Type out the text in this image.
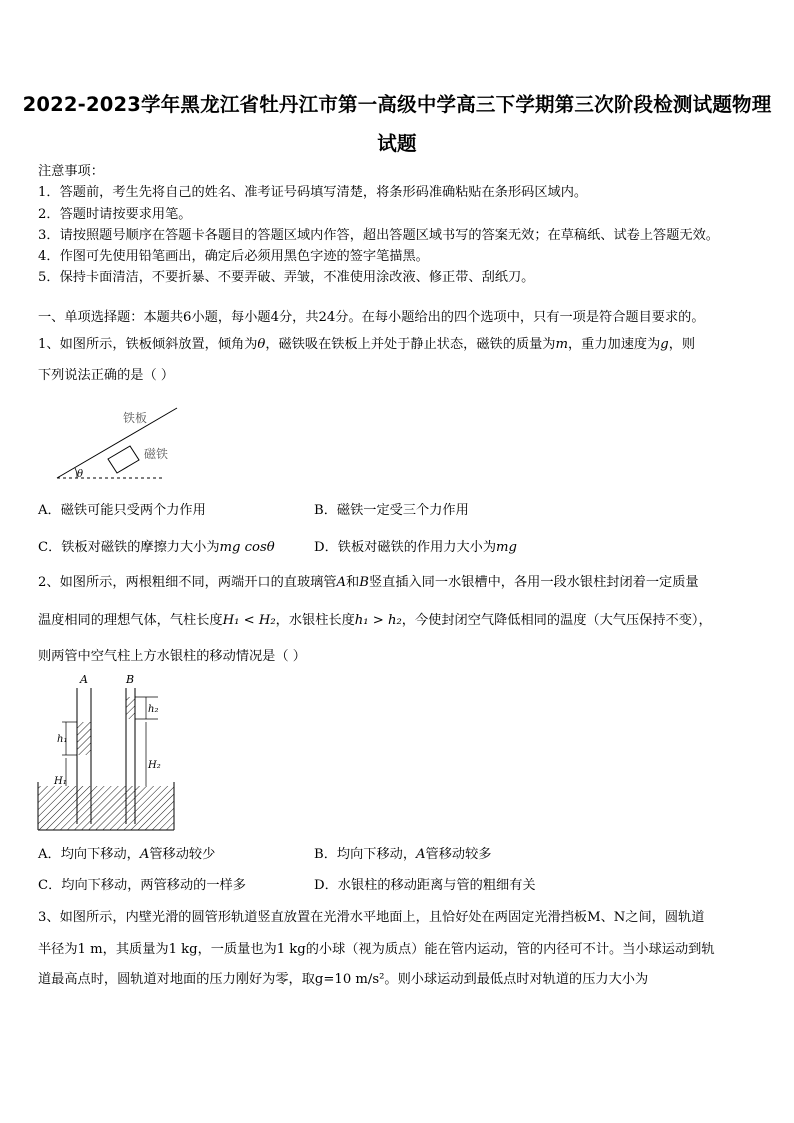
2022-2023学年黑龙江省牡丹江市第一高级中学高三下学期第三次阶段检测试题物理
试题
注意事项：
1．答题前，考生先将自己的姓名、准考证号码填写清楚，将条形码准确粘贴在条形码区域内。
2．答题时请按要求用笔。
3．请按照题号顺序在答题卡各题目的答题区域内作答，超出答题区域书写的答案无效；在草稿纸、试卷上答题无效。
4．作图可先使用铅笔画出，确定后必须用黑色字迹的签字笔描黑。
5．保持卡面清洁，不要折暴、不要弄破、弄皱，不准使用涂改液、修正带、刮纸刀。
一、单项选择题：本题共6小题，每小题4分，共24分。在每小题给出的四个选项中，只有一项是符合题目要求的。
1、如图所示，铁板倾斜放置，倾角为θ，磁铁吸在铁板上并处于静止状态，磁铁的质量为m，重力加速度为g，则
下列说法正确的是（ ）
铁板
磁铁
θ
A．磁铁可能只受两个力作用	B．磁铁一定受三个力作用
C．铁板对磁铁的摩擦力大小为mg cosθ	D．铁板对磁铁的作用力大小为mg
2、如图所示，两根粗细不同，两端开口的直玻璃管A和B竖直插入同一水银槽中，各用一段水银柱封闭着一定质量
温度相同的理想气体，气柱长度H₁ < H₂，水银柱长度h₁ > h₂，今使封闭空气降低相同的温度（大气压保持不变），
则两管中空气柱上方水银柱的移动情况是（ ）
A	B
h₁
h₂
H₁
H₂
A．均向下移动，A管移动较少	B．均向下移动，A管移动较多
C．均向下移动，两管移动的一样多	D．水银柱的移动距离与管的粗细有关
3、如图所示，内壁光滑的圆管形轨道竖直放置在光滑水平地面上，且恰好处在两固定光滑挡板M、N之间，圆轨道
半径为1 m，其质量为1 kg，一质量也为1 kg的小球（视为质点）能在管内运动，管的内径可不计。当小球运动到轨
道最高点时，圆轨道对地面的压力刚好为零，取g=10 m/s²。则小球运动到最低点时对轨道的压力大小为
